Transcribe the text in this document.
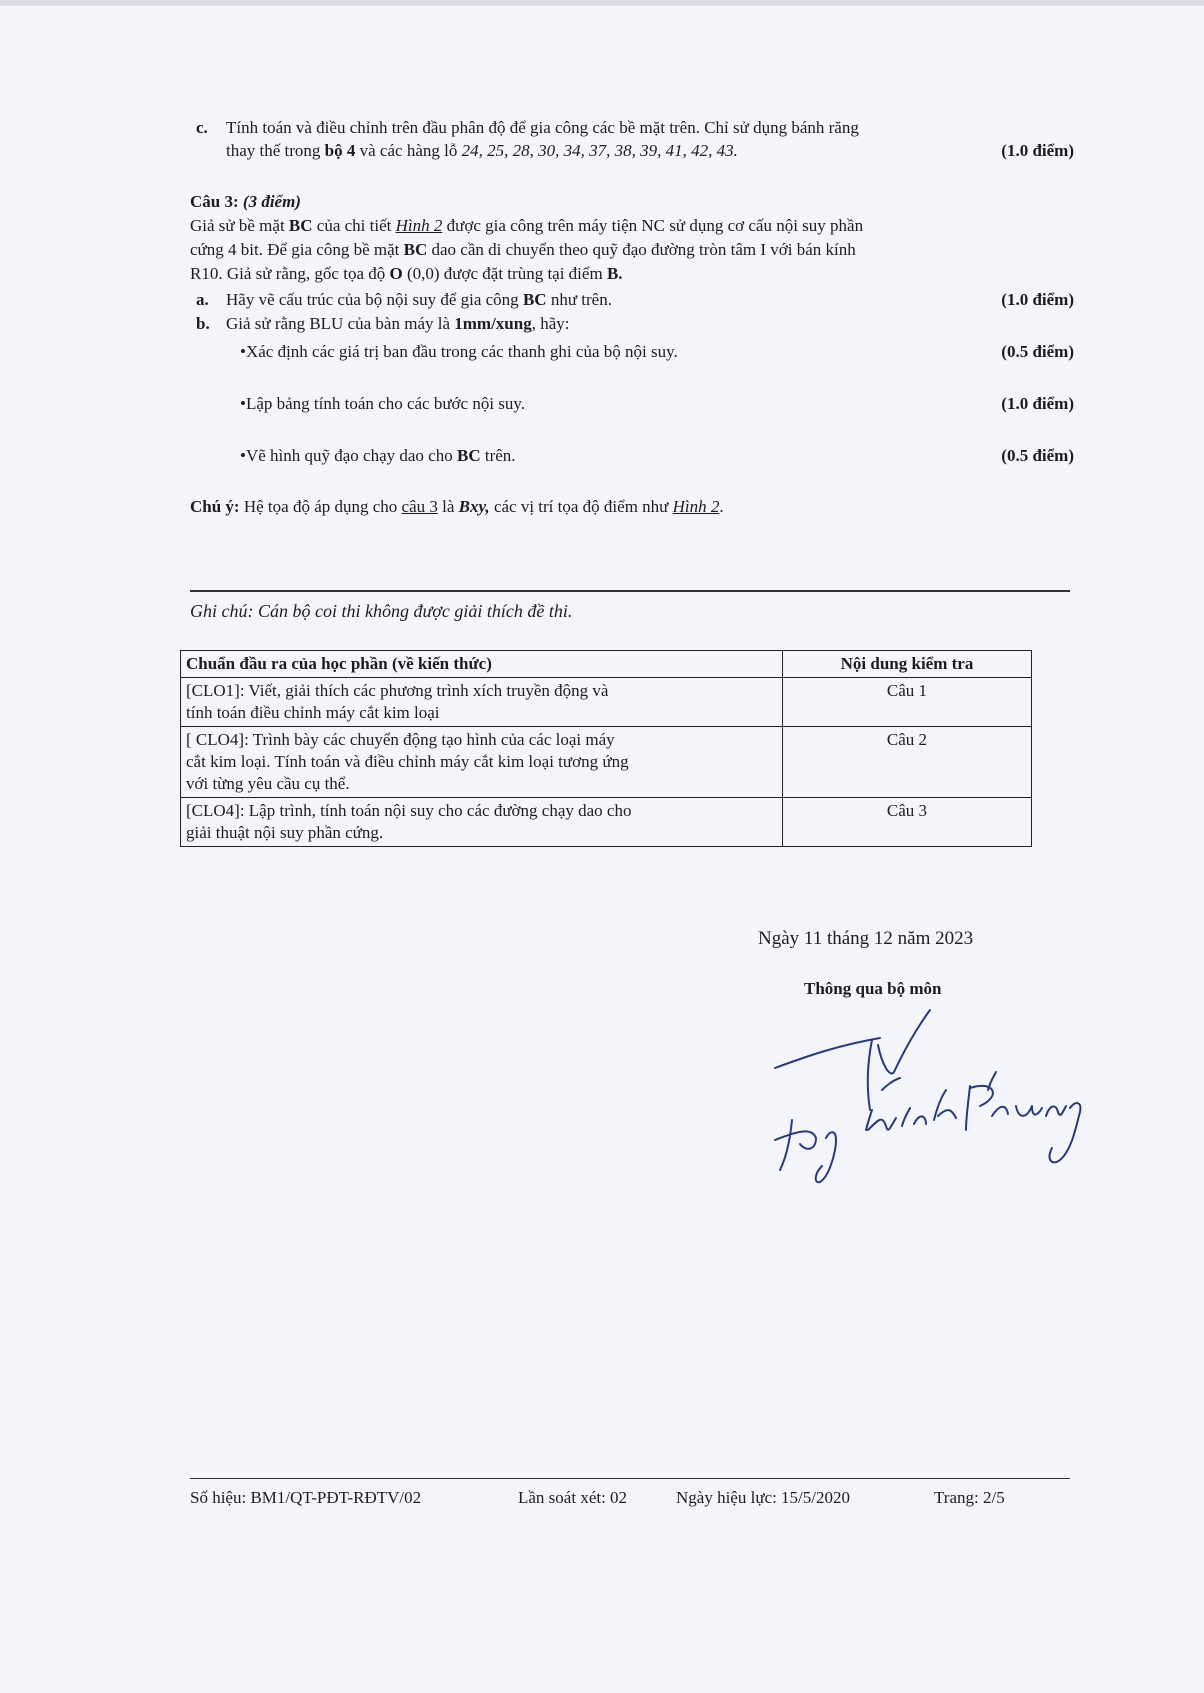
c. Tính toán và điều chỉnh trên đầu phân độ để gia công các bề mặt trên. Chỉ sử dụng bánh răng
thay thế trong bộ 4 và các hàng lỗ 24, 25, 28, 30, 34, 37, 38, 39, 41, 42, 43.	(1.0 điểm)
Câu 3: (3 điểm)
Giả sử bề mặt BC của chi tiết Hình 2 được gia công trên máy tiện NC sử dụng cơ cấu nội suy phần
cứng 4 bit. Để gia công bề mặt BC dao cần di chuyển theo quỹ đạo đường tròn tâm I với bán kính
R10. Giả sử rằng, gốc tọa độ O (0,0) được đặt trùng tại điểm B.
a. Hãy vẽ cấu trúc của bộ nội suy để gia công BC như trên.	(1.0 điểm)
b. Giả sử rằng BLU của bàn máy là 1mm/xung, hãy:
•Xác định các giá trị ban đầu trong các thanh ghi của bộ nội suy.	(0.5 điểm)
•Lập bảng tính toán cho các bước nội suy.	(1.0 điểm)
•Vẽ hình quỹ đạo chạy dao cho BC trên.	(0.5 điểm)
Chú ý: Hệ tọa độ áp dụng cho câu 3 là Bxy, các vị trí tọa độ điểm như Hình 2.
Ghi chú: Cán bộ coi thi không được giải thích đề thi.
Chuẩn đầu ra của học phần (về kiến thức)	Nội dung kiểm tra

[CLO1]: Viết, giải thích các phương trình xích truyền động và
tính toán điều chỉnh máy cắt kim loại	Câu 1

[ CLO4]: Trình bày các chuyển động tạo hình của các loại máy
cắt kim loại. Tính toán và điều chỉnh máy cắt kim loại tương ứng
với từng yêu cầu cụ thể.	Câu 2

[CLO4]: Lập trình, tính toán nội suy cho các đường chạy dao cho
giải thuật nội suy phần cứng.	Câu 3
Ngày 11 tháng 12 năm 2023
Thông qua bộ môn
Số hiệu: BM1/QT-PĐT-RĐTV/02	Lần soát xét: 02	Ngày hiệu lực: 15/5/2020	Trang: 2/5
